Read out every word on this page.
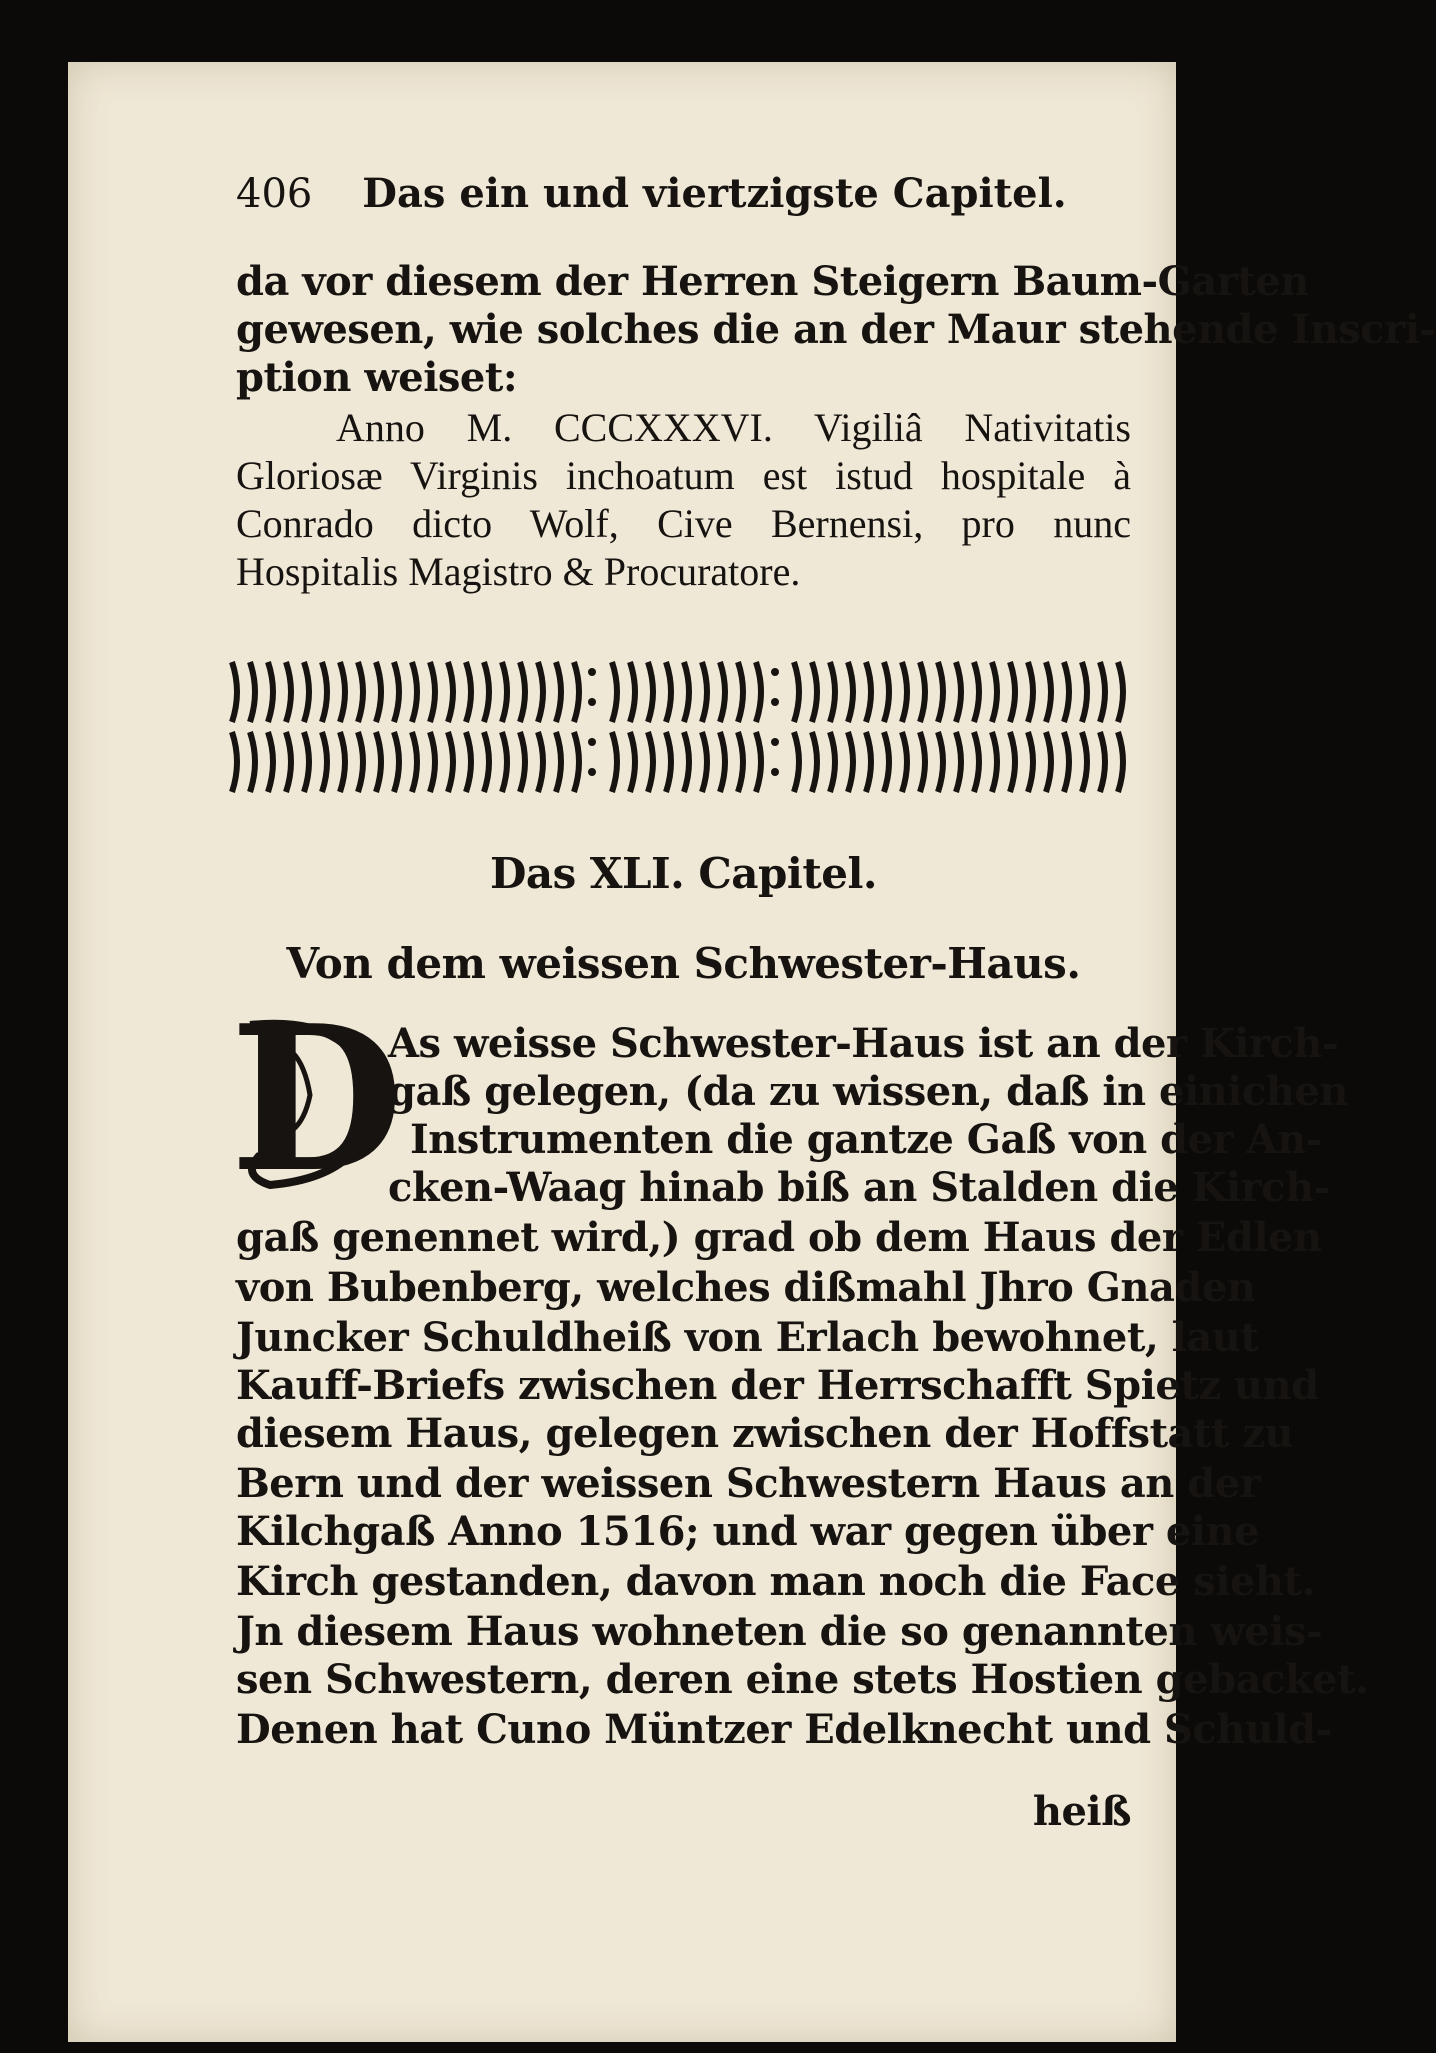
406 Das ein und viertzigste Capitel.
da vor diesem der Herren Steigern Baum-Garten
gewesen, wie solches die an der Maur stehende Inscri-
ption weiset:
Anno M. CCCXXXVI. Vigiliâ Nativitatis
Gloriosæ Virginis inchoatum est istud hospitale à
Conrado dicto Wolf, Cive Bernensi, pro nunc
Hospitalis Magistro & Procuratore.
Das XLI. Capitel.
Von dem weissen Schwester-Haus.
D
As weisse Schwester-Haus ist an der Kirch-
gaß gelegen, (da zu wissen, daß in einichen
Instrumenten die gantze Gaß von der An-
cken-Waag hinab biß an Stalden die Kirch-
gaß genennet wird,) grad ob dem Haus der Edlen
von Bubenberg, welches dißmahl Jhro Gnaden
Juncker Schuldheiß von Erlach bewohnet, laut
Kauff-Briefs zwischen der Herrschafft Spietz und
diesem Haus, gelegen zwischen der Hoffstatt zu
Bern und der weissen Schwestern Haus an der
Kilchgaß Anno 1516; und war gegen über eine
Kirch gestanden, davon man noch die Face sieht.
Jn diesem Haus wohneten die so genannten weis-
sen Schwestern, deren eine stets Hostien gebacket.
Denen hat Cuno Müntzer Edelknecht und Schuld-
heiß
